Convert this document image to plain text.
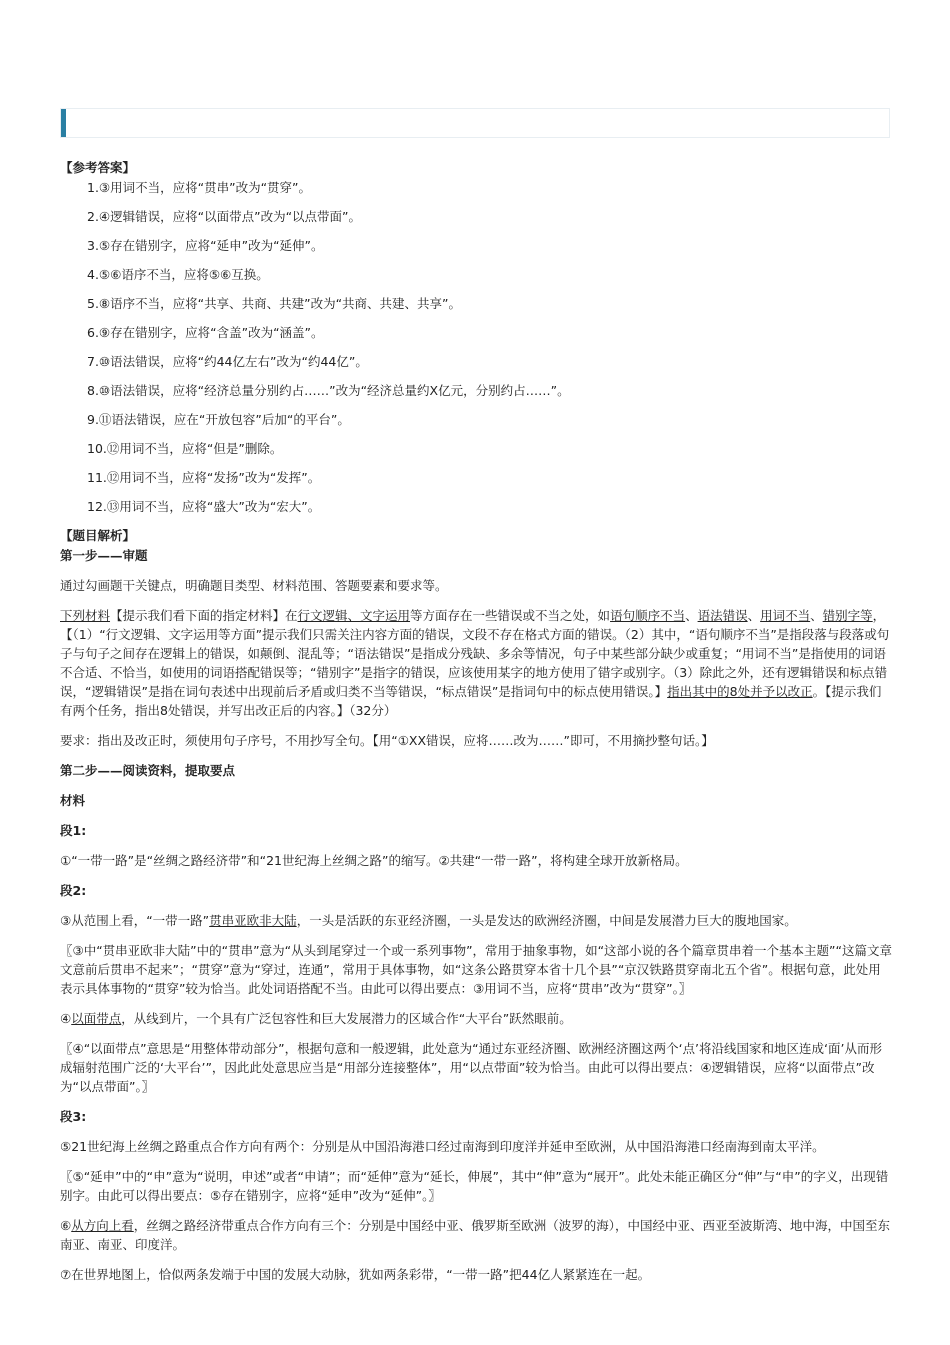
【参考答案】

1.③用词不当，应将“贯串”改为“贯穿”。
2.④逻辑错误，应将“以面带点”改为“以点带面”。
3.⑤存在错别字，应将“延申”改为“延伸”。
4.⑤⑥语序不当，应将⑤⑥互换。
5.⑧语序不当，应将“共享、共商、共建”改为“共商、共建、共享”。
6.⑨存在错别字，应将“含盖”改为“涵盖”。
7.⑩语法错误，应将“约44亿左右”改为“约44亿”。
8.⑩语法错误，应将“经济总量分别约占……”改为“经济总量约X亿元，分别约占……”。
9.⑪语法错误，应在“开放包容”后加“的平台”。
10.⑫用词不当，应将“但是”删除。
11.⑫用词不当，应将“发扬”改为“发挥”。
12.⑬用词不当，应将“盛大”改为“宏大”。

【题目解析】

第一步——审题

通过勾画题干关键点，明确题目类型、材料范围、答题要素和要求等。

下列材料【提示我们看下面的指定材料】在行文逻辑、文字运用等方面存在一些错误或不当之处，如语句顺序不当、语法错误、用词不当、错别字等，【（1）“行文逻辑、文字运用等方面”提示我们只需关注内容方面的错误，文段不存在格式方面的错误。（2）其中，“语句顺序不当”是指段落与段落或句子与句子之间存在逻辑上的错误，如颠倒、混乱等；“语法错误”是指成分残缺、多余等情况，句子中某些部分缺少或重复；“用词不当”是指使用的词语不合适、不恰当，如使用的词语搭配错误等；“错别字”是指字的错误，应该使用某字的地方使用了错字或别字。（3）除此之外，还有逻辑错误和标点错误，“逻辑错误”是指在词句表述中出现前后矛盾或归类不当等错误，“标点错误”是指词句中的标点使用错误。】指出其中的8处并予以改正。【提示我们有两个任务，指出8处错误，并写出改正后的内容。】（32分）

要求：指出及改正时，须使用句子序号，不用抄写全句。【用“①XX错误，应将……改为……”即可，不用摘抄整句话。】

第二步——阅读资料，提取要点

材料

段1:

①“一带一路”是“丝绸之路经济带”和“21世纪海上丝绸之路”的缩写。②共建“一带一路”，将构建全球开放新格局。

段2:

③从范围上看，“一带一路”贯串亚欧非大陆，一头是活跃的东亚经济圈，一头是发达的欧洲经济圈，中间是发展潜力巨大的腹地国家。

〖③中“贯串亚欧非大陆”中的“贯串”意为“从头到尾穿过一个或一系列事物”，常用于抽象事物，如“这部小说的各个篇章贯串着一个基本主题”“这篇文章文意前后贯串不起来”；“贯穿”意为“穿过，连通”，常用于具体事物，如“这条公路贯穿本省十几个县”“京汉铁路贯穿南北五个省”。根据句意，此处用表示具体事物的“贯穿”较为恰当。此处词语搭配不当。由此可以得出要点：③用词不当，应将“贯串”改为“贯穿”。〗

④以面带点，从线到片，一个具有广泛包容性和巨大发展潜力的区域合作“大平台”跃然眼前。

〖④“以面带点”意思是“用整体带动部分”，根据句意和一般逻辑，此处意为“通过东亚经济圈、欧洲经济圈这两个‘点’将沿线国家和地区连成‘面’从而形成辐射范围广泛的‘大平台’”，因此此处意思应当是“用部分连接整体”，用“以点带面”较为恰当。由此可以得出要点：④逻辑错误，应将“以面带点”改为“以点带面”。〗

段3:

⑤21世纪海上丝绸之路重点合作方向有两个：分别是从中国沿海港口经过南海到印度洋并延申至欧洲，从中国沿海港口经南海到南太平洋。

〖⑤“延申”中的“申”意为“说明，申述”或者“申请”；而“延伸”意为“延长，伸展”，其中“伸”意为“展开”。此处未能正确区分“伸”与“申”的字义，出现错别字。由此可以得出要点：⑤存在错别字，应将“延申”改为“延伸”。〗

⑥从方向上看，丝绸之路经济带重点合作方向有三个：分别是中国经中亚、俄罗斯至欧洲（波罗的海），中国经中亚、西亚至波斯湾、地中海，中国至东南亚、南亚、印度洋。

⑦在世界地图上，恰似两条发端于中国的发展大动脉，犹如两条彩带，“一带一路”把44亿人紧紧连在一起。
